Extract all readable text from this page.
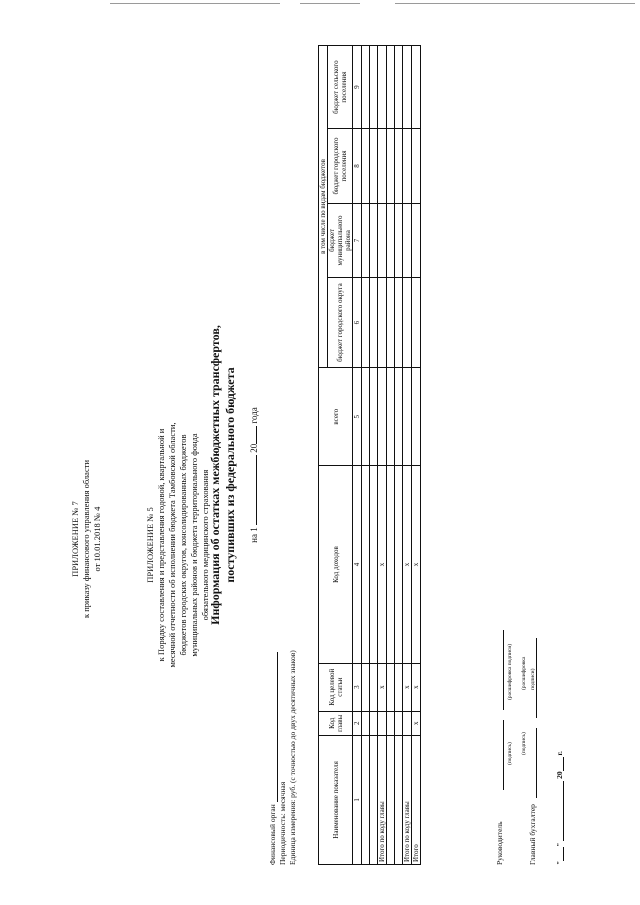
ПРИЛОЖЕНИЕ № 7 к приказу финансового управления области от 10.01.2018 № 4	ПРИЛОЖЕНИЕ № 5 к Порядку составления и представления годовой, квартальной и месячной отчетности об исполнении бюджета Тамбовской области, бюджетов городских округов, консолидированных бюджетов муниципальных районов и бюджета территориального фонда обязательного медицинского страхования
Информация об остатках межбюджетных трансфертов, поступивших из федерального бюджета на 1  20 года
Финансовый орган Периодичность: месячная Единица измерения: руб. (с точностью до двух десятичных знаков)	Наименование показателя	Код главы	Код целевой статьи	Код доходов	всего	в том числе по видам бюджетов			
					бюджет городского округа	бюджет муниципального района	бюджет городского поселения	бюджет сельского поселения
1	2	3	4	5	6	7	8	9

Итого по коду главы		х	х					

Итого по коду главы		х	х					
Итого	х	х	х					
Руководитель
(подпись)
(расшифровка подписи)
Главный бухгалтер
(подпись)
(расшифровка подписи)
""  20 г.
